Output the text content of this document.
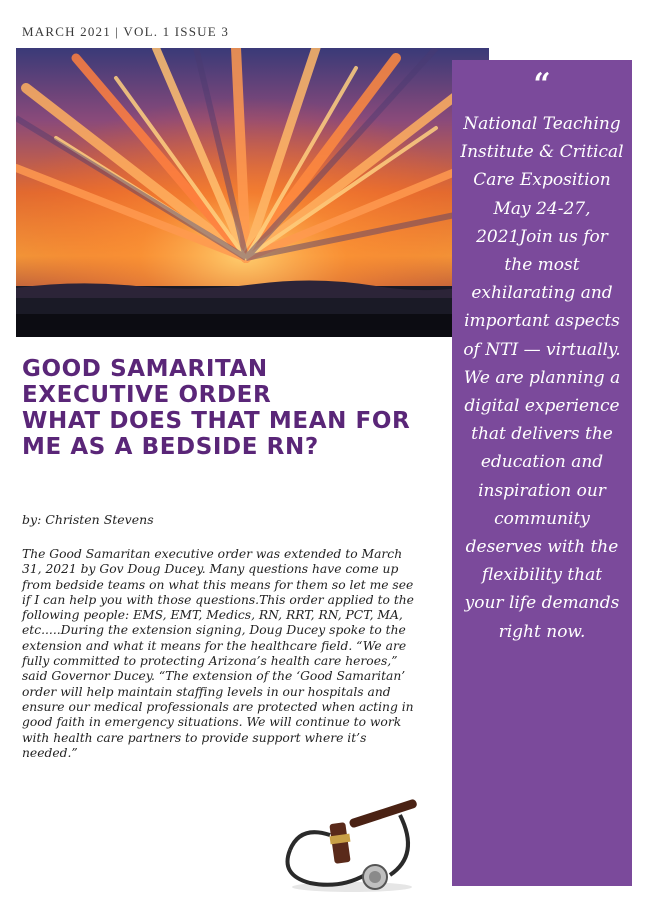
MARCH 2021 | VOL. 1 ISSUE 3
“
National Teaching Institute & Critical Care Exposition May 24-27, 2021Join us for the most exhilarating and important aspects of NTI — virtually. We are planning a digital experience that delivers the education and inspiration our community deserves with the flexibility that your life demands right now.
GOOD SAMARITAN
EXECUTIVE ORDER
WHAT DOES THAT MEAN FOR
ME AS A BEDSIDE RN?
by: Christen Stevens

The Good Samaritan executive order was extended to March 31, 2021 by Gov Doug Ducey. Many questions have come up from bedside teams on what this means for them so let me see if I can help you with those questions.This order applied to the following people: EMS, EMT, Medics, RN, RRT, RN, PCT, MA, etc.....During the extension signing, Doug Ducey spoke to the extension and what it means for the healthcare field. “We are fully committed to protecting Arizona’s health care heroes,” said Governor Ducey. “The extension of the ‘Good Samaritan’ order will help maintain staffing levels in our hospitals and ensure our medical professionals are protected when acting in good faith in emergency situations. We will continue to work with health care partners to provide support where it’s needed.”
